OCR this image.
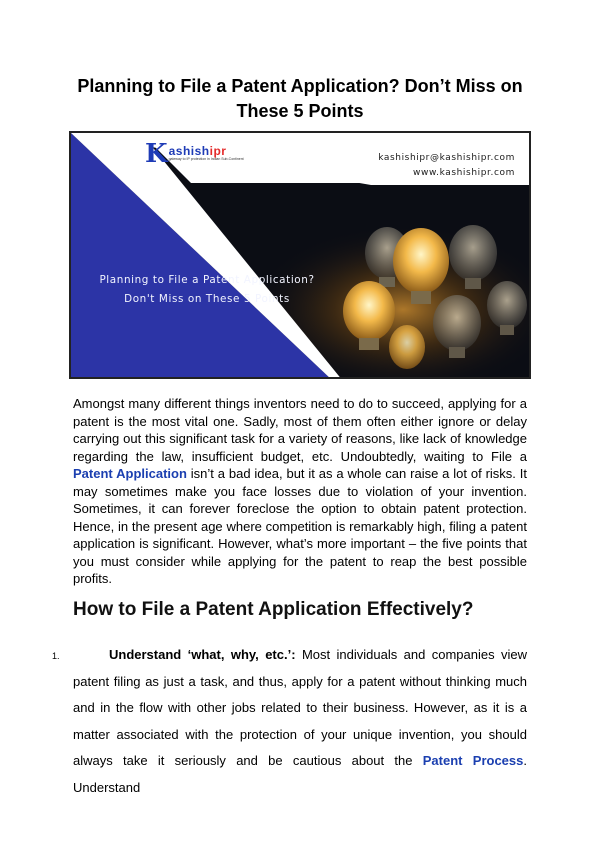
Planning to File a Patent Application? Don’t Miss on These 5 Points
K ashishipr
gateway to IP protection in Indian Sub-Continent	kashishipr@kashishipr.com
www.kashishipr.com
Planning to File a Patent Application? Don't Miss on These 5 Points

Amongst many different things inventors need to do to succeed, applying for a patent is the most vital one. Sadly, most of them often either ignore or delay carrying out this significant task for a variety of reasons, like lack of knowledge regarding the law, insufficient budget, etc. Undoubtedly, waiting to File a Patent Application isn’t a bad idea, but it as a whole can raise a lot of risks. It may sometimes make you face losses due to violation of your invention. Sometimes, it can forever foreclose the option to obtain patent protection. Hence, in the present age where competition is remarkably high, filing a patent application is significant. However, what’s more important – the five points that you must consider while applying for the patent to reap the best possible profits.

How to File a Patent Application Effectively?
1.	Understand ‘what, why, etc.’: Most individuals and companies view patent filing as just a task, and thus, apply for a patent without thinking much and in the flow with other jobs related to their business. However, as it is a matter associated with the protection of your unique invention, you should always take it seriously and be cautious about the Patent Process. Understand
